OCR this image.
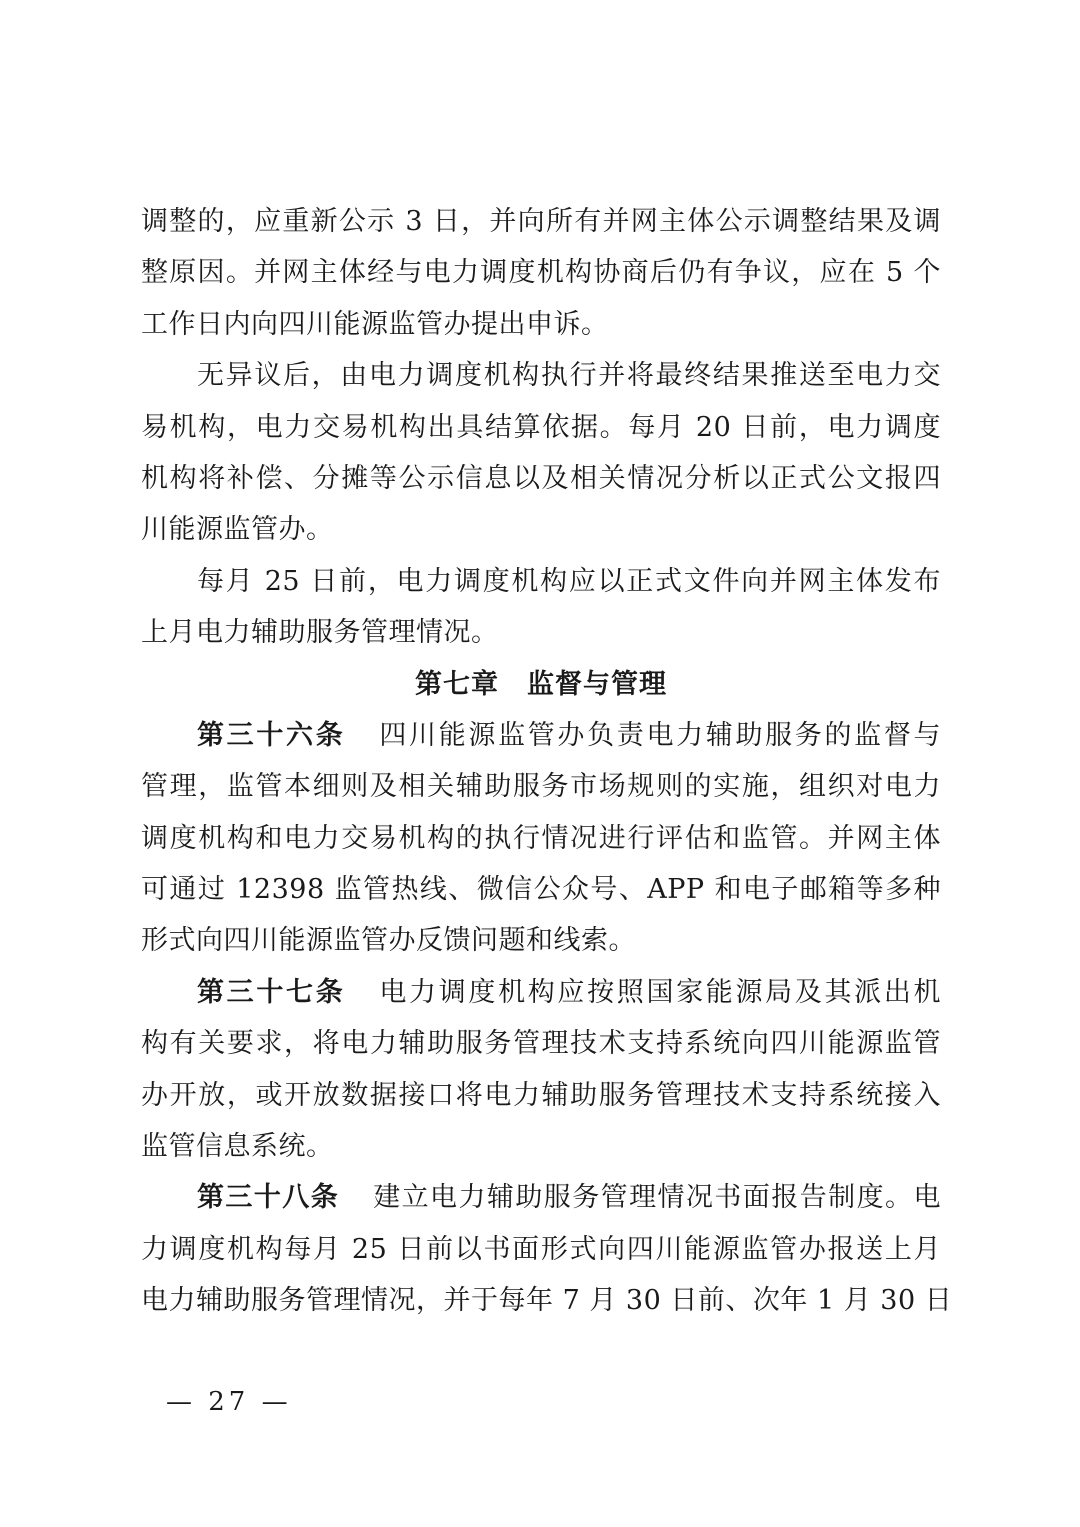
调整的，应重新公示 3 日，并向所有并网主体公示调整结果及调
整原因。并网主体经与电力调度机构协商后仍有争议，应在 5 个
工作日内向四川能源监管办提出申诉。
无异议后，由电力调度机构执行并将最终结果推送至电力交
易机构，电力交易机构出具结算依据。每月 20 日前，电力调度
机构将补偿、分摊等公示信息以及相关情况分析以正式公文报四
川能源监管办。
每月 25 日前，电力调度机构应以正式文件向并网主体发布
上月电力辅助服务管理情况。
第七章　监督与管理
第三十六条 四川能源监管办负责电力辅助服务的监督与
管理，监管本细则及相关辅助服务市场规则的实施，组织对电力
调度机构和电力交易机构的执行情况进行评估和监管。并网主体
可通过 12398 监管热线、微信公众号、APP 和电子邮箱等多种
形式向四川能源监管办反馈问题和线索。
第三十七条 电力调度机构应按照国家能源局及其派出机
构有关要求，将电力辅助服务管理技术支持系统向四川能源监管
办开放，或开放数据接口将电力辅助服务管理技术支持系统接入
监管信息系统。
第三十八条 建立电力辅助服务管理情况书面报告制度。电
力调度机构每月 25 日前以书面形式向四川能源监管办报送上月
电力辅助服务管理情况，并于每年 7 月 30 日前、次年 1 月 30 日
— 27 —
